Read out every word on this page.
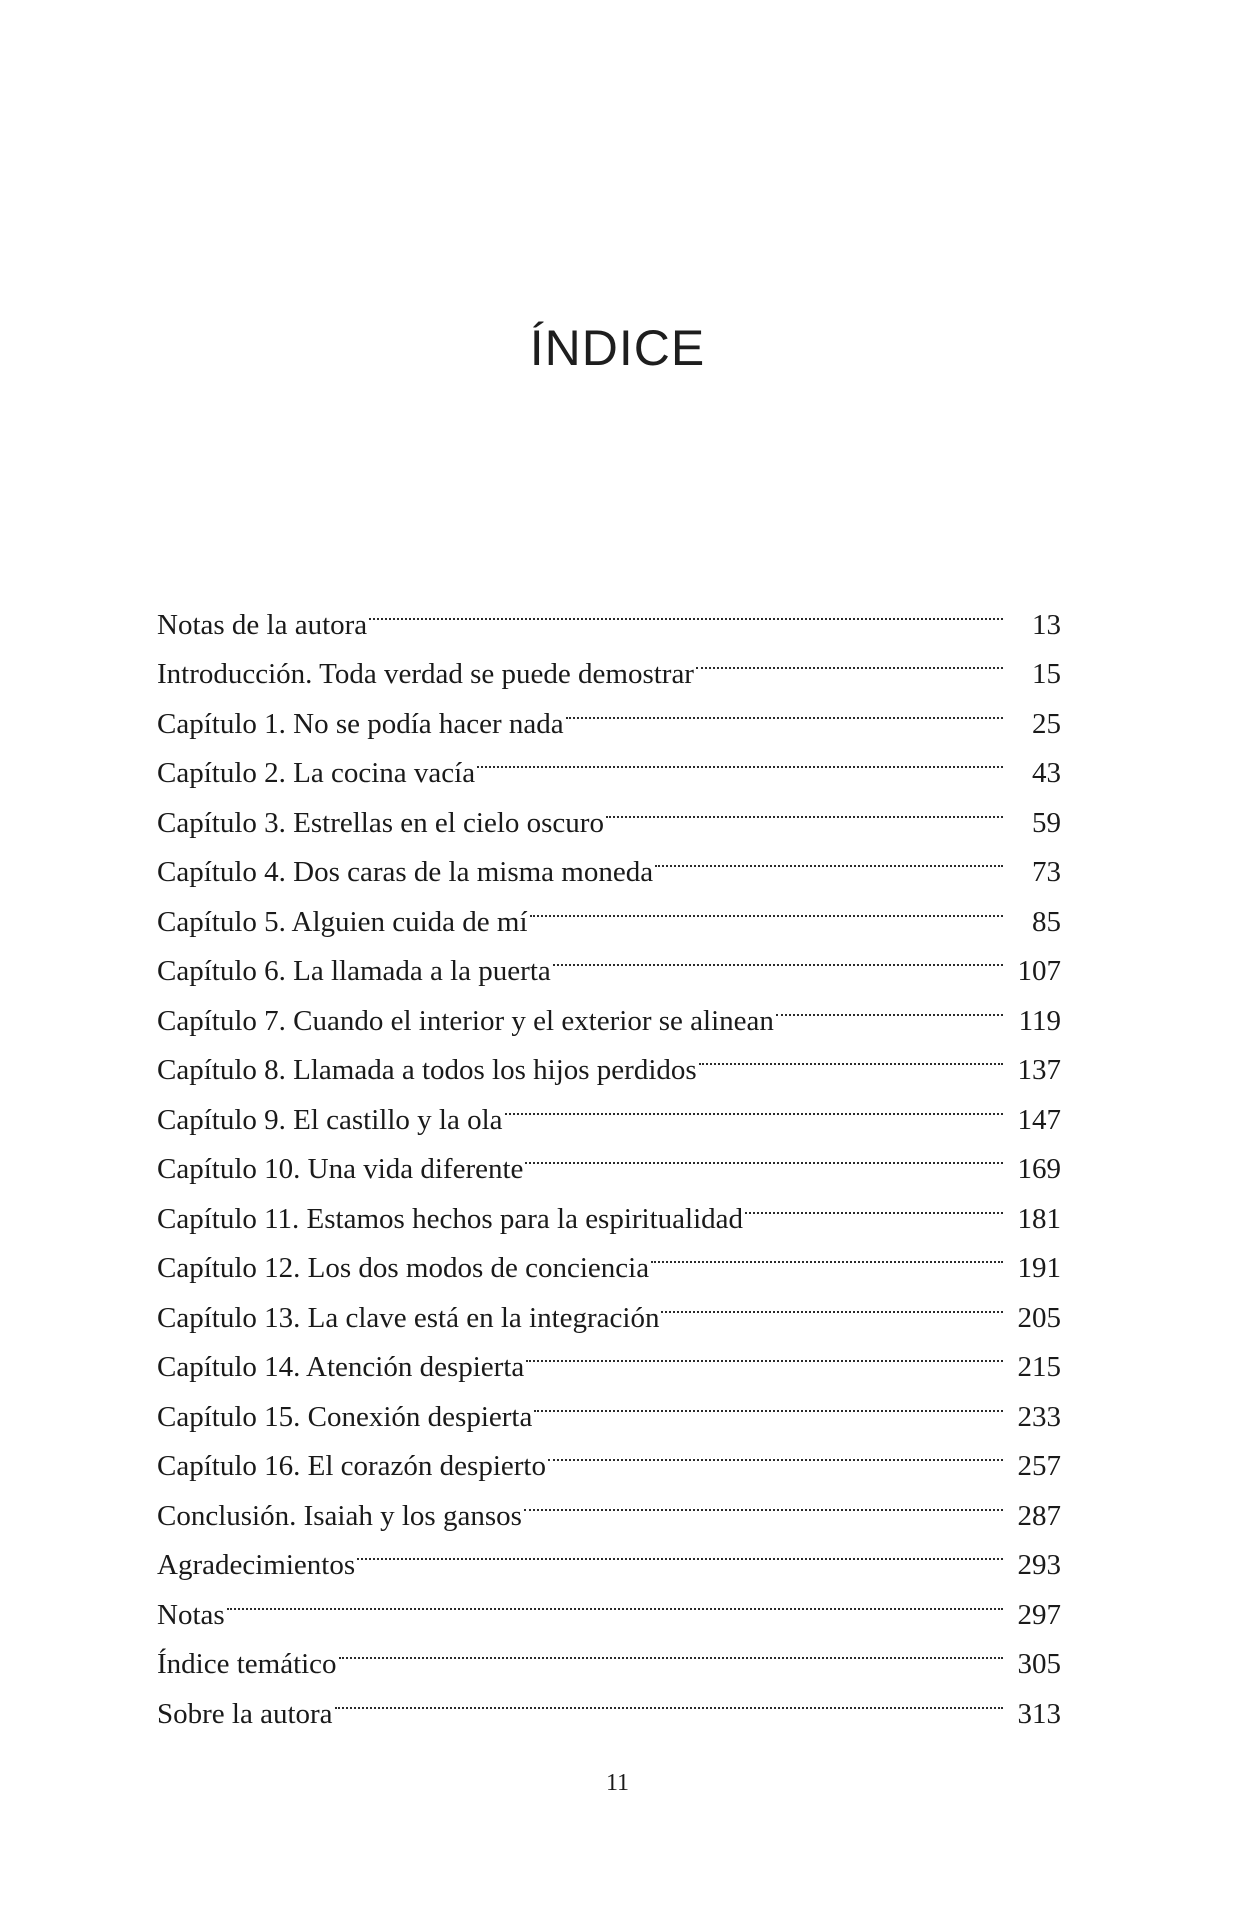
ÍNDICE
Notas de la autora	13
Introducción. Toda verdad se puede demostrar	15
Capítulo 1. No se podía hacer nada	25
Capítulo 2. La cocina vacía	43
Capítulo 3. Estrellas en el cielo oscuro	59
Capítulo 4. Dos caras de la misma moneda	73
Capítulo 5. Alguien cuida de mí	85
Capítulo 6. La llamada a la puerta	107
Capítulo 7. Cuando el interior y el exterior se alinean	119
Capítulo 8. Llamada a todos los hijos perdidos	137
Capítulo 9. El castillo y la ola	147
Capítulo 10. Una vida diferente	169
Capítulo 11. Estamos hechos para la espiritualidad	181
Capítulo 12. Los dos modos de conciencia	191
Capítulo 13. La clave está en la integración	205
Capítulo 14. Atención despierta	215
Capítulo 15. Conexión despierta	233
Capítulo 16. El corazón despierto	257
Conclusión. Isaiah y los gansos	287
Agradecimientos	293
Notas	297
Índice temático	305
Sobre la autora	313
11
